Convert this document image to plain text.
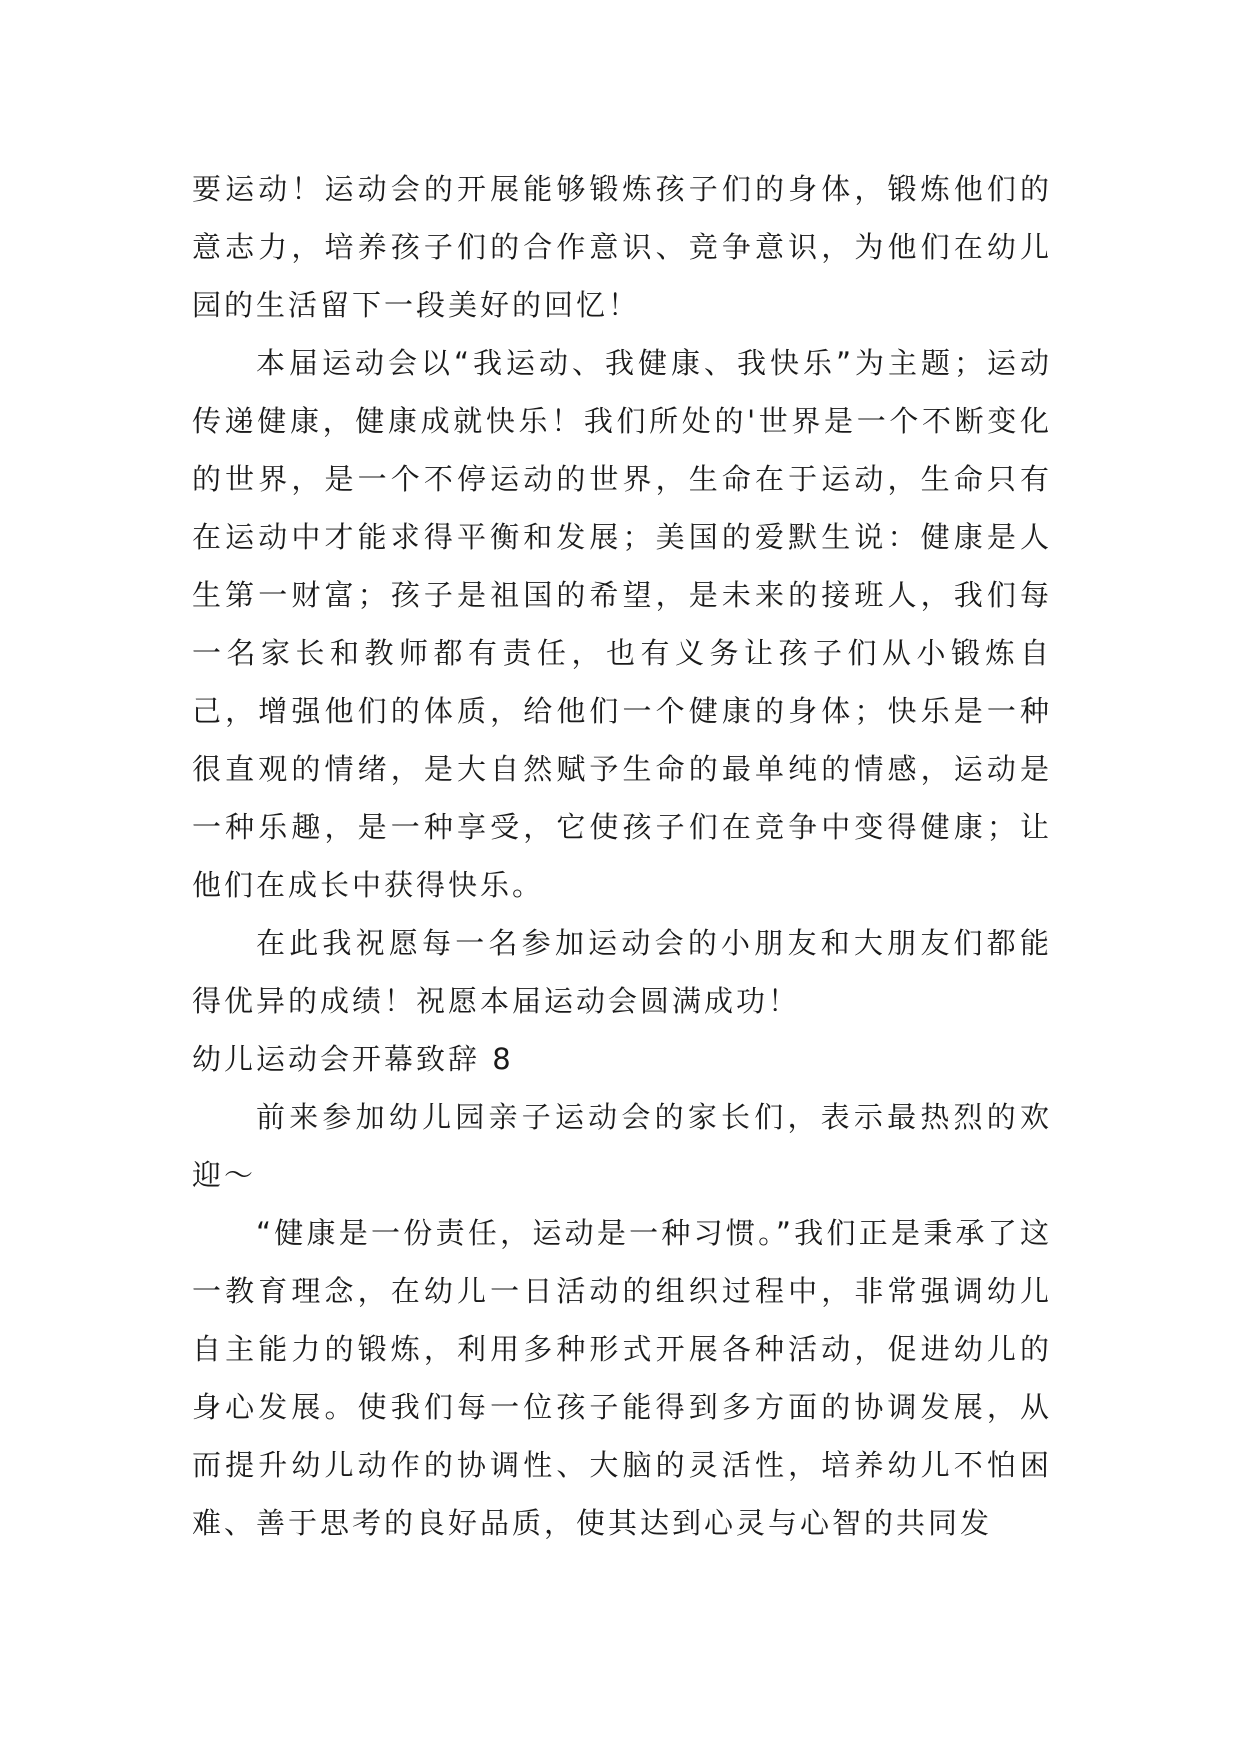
要运动！运动会的开展能够锻炼孩子们的身体，锻炼他们的意志力，培养孩子们的合作意识、竞争意识，为他们在幼儿园的生活留下一段美好的回忆！

本届运动会以“我运动、我健康、我快乐”为主题；运动传递健康，健康成就快乐！我们所处的'世界是一个不断变化的世界，是一个不停运动的世界，生命在于运动，生命只有在运动中才能求得平衡和发展；美国的爱默生说：健康是人生第一财富；孩子是祖国的希望，是未来的接班人，我们每一名家长和教师都有责任，也有义务让孩子们从小锻炼自己，增强他们的体质，给他们一个健康的身体；快乐是一种很直观的情绪，是大自然赋予生命的最单纯的情感，运动是一种乐趣，是一种享受，它使孩子们在竞争中变得健康；让他们在成长中获得快乐。

在此我祝愿每一名参加运动会的小朋友和大朋友们都能得优异的成绩！祝愿本届运动会圆满成功！

幼儿运动会开幕致辞 8

前来参加幼儿园亲子运动会的家长们，表示最热烈的欢迎～

“健康是一份责任，运动是一种习惯。”我们正是秉承了这一教育理念，在幼儿一日活动的组织过程中，非常强调幼儿自主能力的锻炼，利用多种形式开展各种活动，促进幼儿的身心发展。使我们每一位孩子能得到多方面的协调发展，从而提升幼儿动作的协调性、大脑的灵活性，培养幼儿不怕困难、善于思考的良好品质，使其达到心灵与心智的共同发
